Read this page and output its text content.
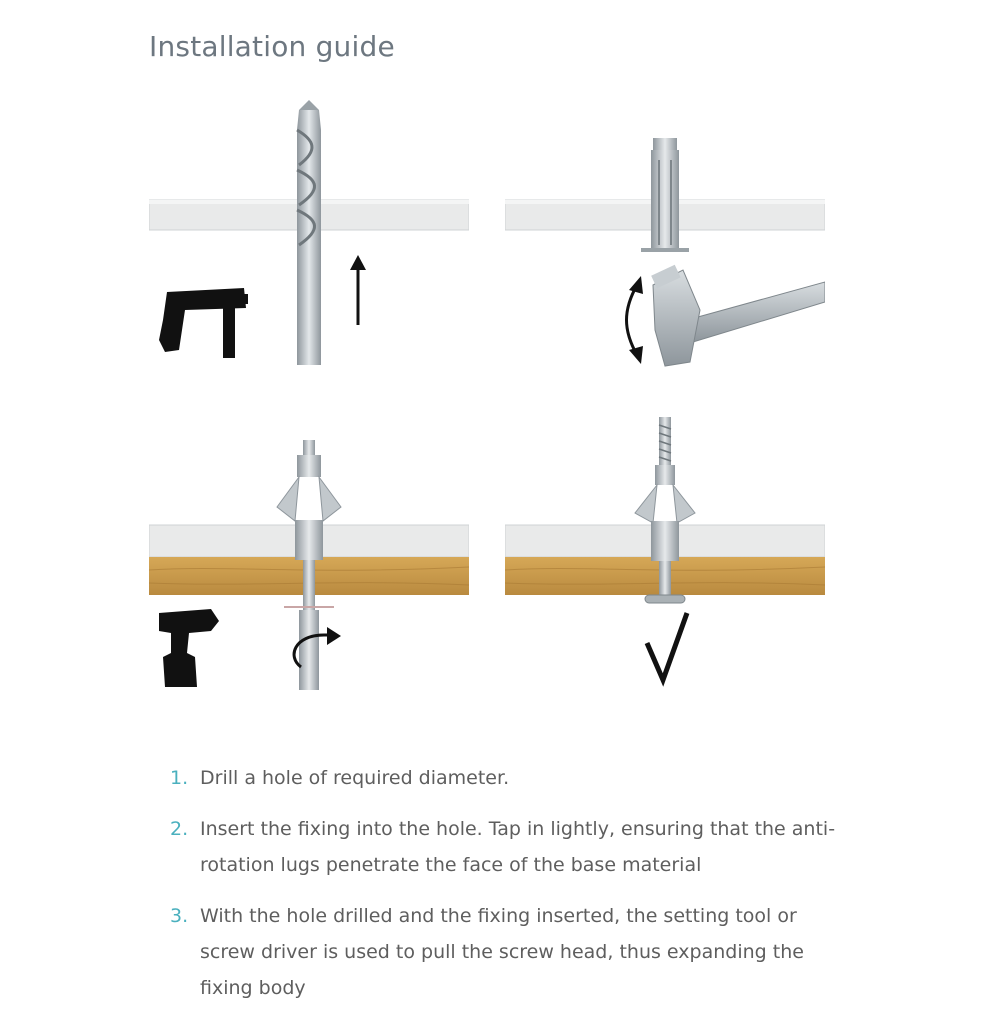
Installation guide
1. Drill a hole of required diameter.
2. Insert the fixing into the hole. Tap in lightly, ensuring that the anti-rotation lugs penetrate the face of the base material
3. With the hole drilled and the fixing inserted, the setting tool or screw driver is used to pull the screw head, thus expanding the fixing body
